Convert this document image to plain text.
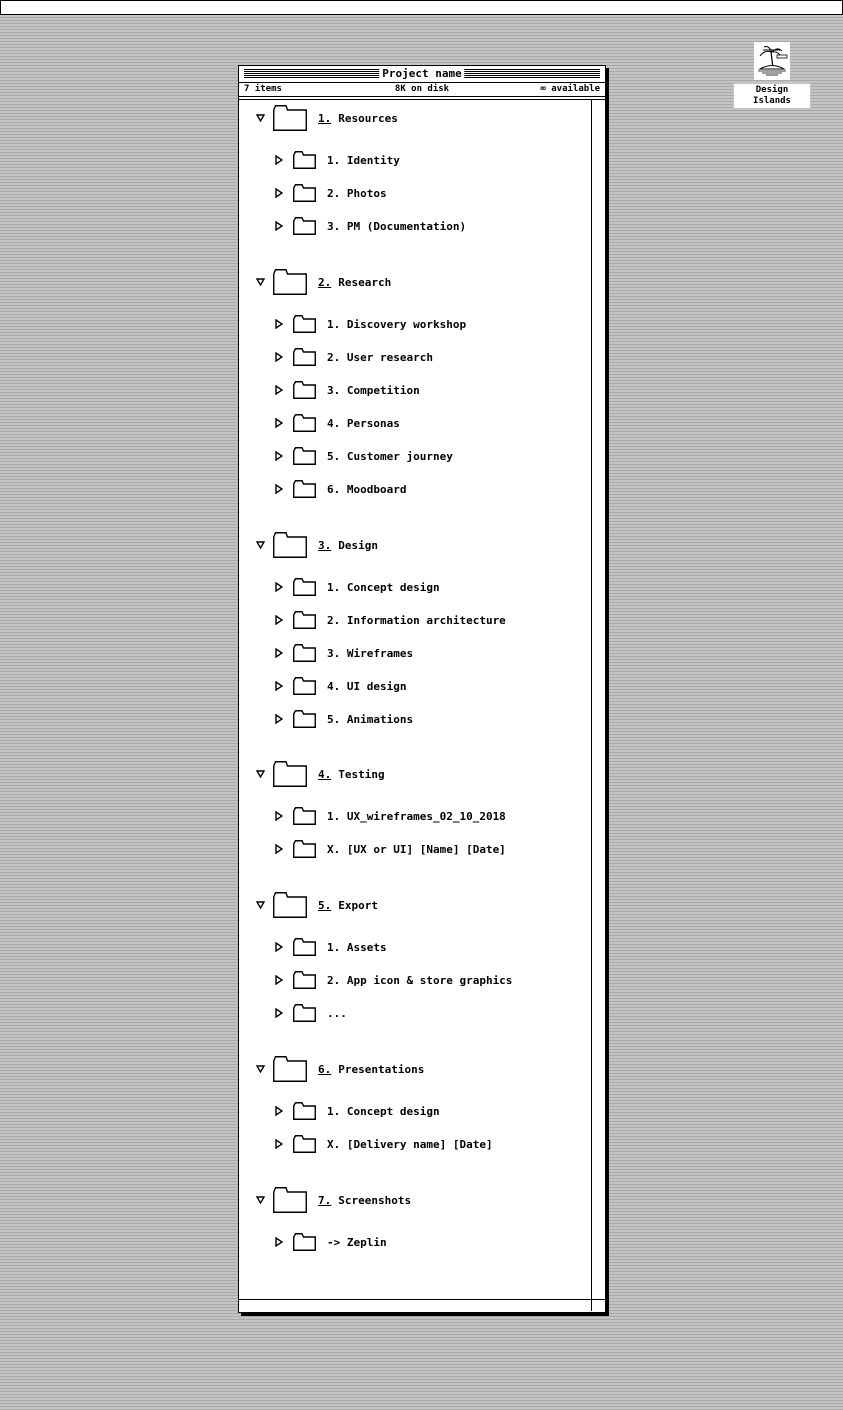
Design Islands
Project name
7 items	8K on disk	∞ available
1. Resources
1. Identity
2. Photos
3. PM (Documentation)
2. Research
1. Discovery workshop
2. User research
3. Competition
4. Personas
5. Customer journey
6. Moodboard
3. Design
1. Concept design
2. Information architecture
3. Wireframes
4. UI design
5. Animations
4. Testing
1. UX_wireframes_02_10_2018
X. [UX or UI] [Name] [Date]
5. Export
1. Assets
2. App icon & store graphics
...
6. Presentations
1. Concept design
X. [Delivery name] [Date]
7. Screenshots
-> Zeplin
